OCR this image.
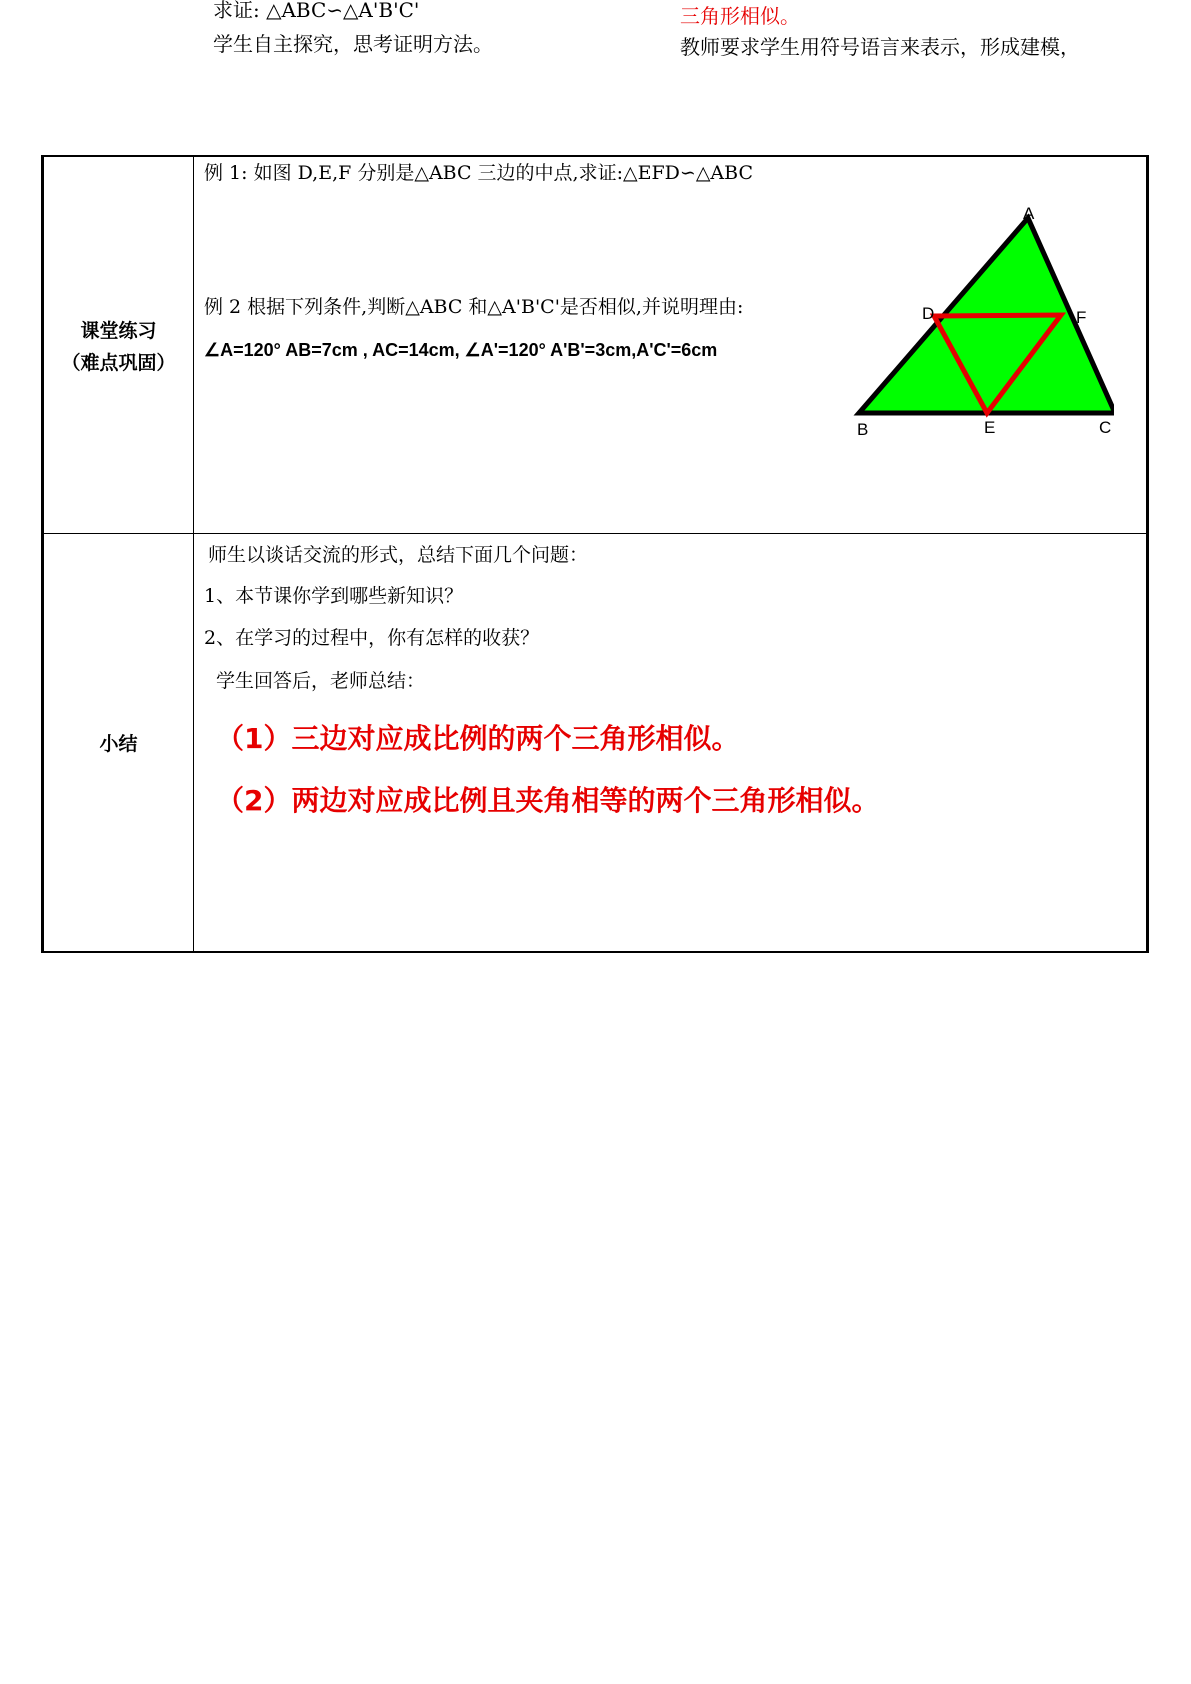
求证: △ABC∽△A'B'C'
学生自主探究，思考证明方法。
三角形相似。
教师要求学生用符号语言来表示，形成建模，
课堂练习
（难点巩固）
例 1: 如图 D,E,F 分别是△ABC 三边的中点,求证:△EFD∽△ABC
例 2 根据下列条件,判断△ABC 和△A'B'C'是否相似,并说明理由:
∠A=120° AB=7cm , AC=14cm, ∠A'=120° A'B'=3cm,A'C'=6cm
A
B	C
D
E
F
小结
师生以谈话交流的形式，总结下面几个问题：
1、本节课你学到哪些新知识？
2、在学习的过程中，你有怎样的收获？
学生回答后，老师总结：
（1）三边对应成比例的两个三角形相似。
（2）两边对应成比例且夹角相等的两个三角形相似。
